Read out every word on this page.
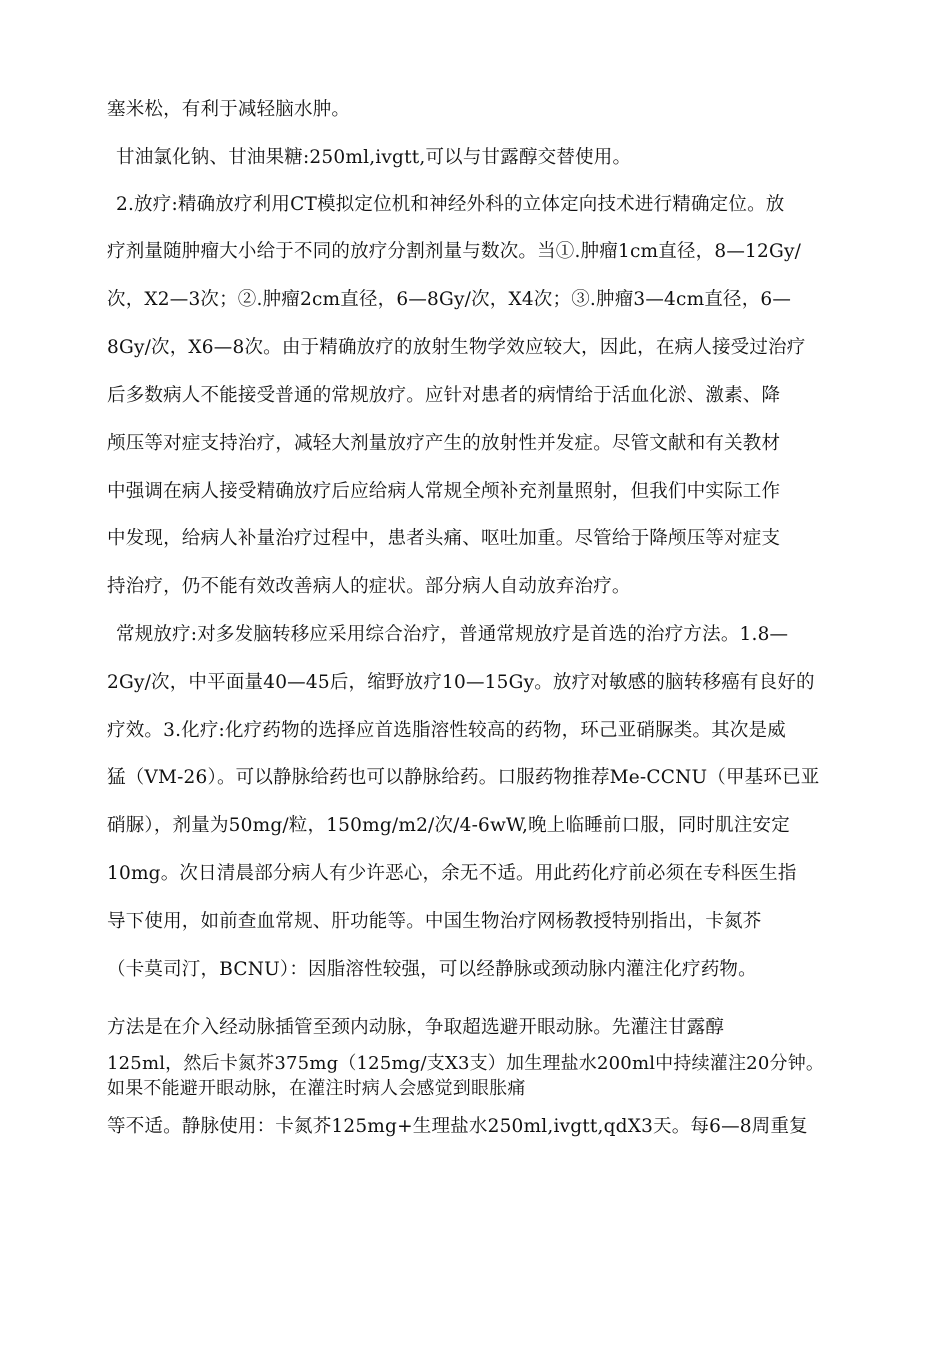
塞米松，有利于减轻脑水肿。
甘油氯化钠、甘油果糖:250ml,ivgtt,可以与甘露醇交替使用。
2.放疗:精确放疗利用CT模拟定位机和神经外科的立体定向技术进行精确定位。放
疗剂量随肿瘤大小给于不同的放疗分割剂量与数次。当①.肿瘤1cm直径，8—12Gy/
次，X2—3次；②.肿瘤2cm直径，6—8Gy/次，X4次；③.肿瘤3—4cm直径，6—
8Gy/次，X6—8次。由于精确放疗的放射生物学效应较大，因此，在病人接受过治疗
后多数病人不能接受普通的常规放疗。应针对患者的病情给于活血化淤、激素、降
颅压等对症支持治疗，减轻大剂量放疗产生的放射性并发症。尽管文献和有关教材
中强调在病人接受精确放疗后应给病人常规全颅补充剂量照射，但我们中实际工作
中发现，给病人补量治疗过程中，患者头痛、呕吐加重。尽管给于降颅压等对症支
持治疗，仍不能有效改善病人的症状。部分病人自动放弃治疗。
常规放疗:对多发脑转移应采用综合治疗，普通常规放疗是首选的治疗方法。1.8—
2Gy/次，中平面量40—45后，缩野放疗10—15Gy。放疗对敏感的脑转移癌有良好的
疗效。3.化疗:化疗药物的选择应首选脂溶性较高的药物，环己亚硝脲类。其次是威
猛（VM-26）。可以静脉给药也可以静脉给药。口服药物推荐Me-CCNU（甲基环已亚
硝脲），剂量为50mg/粒，150mg/m2/次/4-6wW,晚上临睡前口服，同时肌注安定
10mg。次日清晨部分病人有少许恶心，余无不适。用此药化疗前必须在专科医生指
导下使用，如前查血常规、肝功能等。中国生物治疗网杨教授特别指出，卡氮芥
（卡莫司汀，BCNU）：因脂溶性较强，可以经静脉或颈动脉内灌注化疗药物。
方法是在介入经动脉插管至颈内动脉，争取超选避开眼动脉。先灌注甘露醇
125ml，然后卡氮芥375mg（125mg/支X3支）加生理盐水200ml中持续灌注20分钟。
如果不能避开眼动脉，在灌注时病人会感觉到眼胀痛
等不适。静脉使用：卡氮芥125mg+生理盐水250ml,ivgtt,qdX3天。每6—8周重复
